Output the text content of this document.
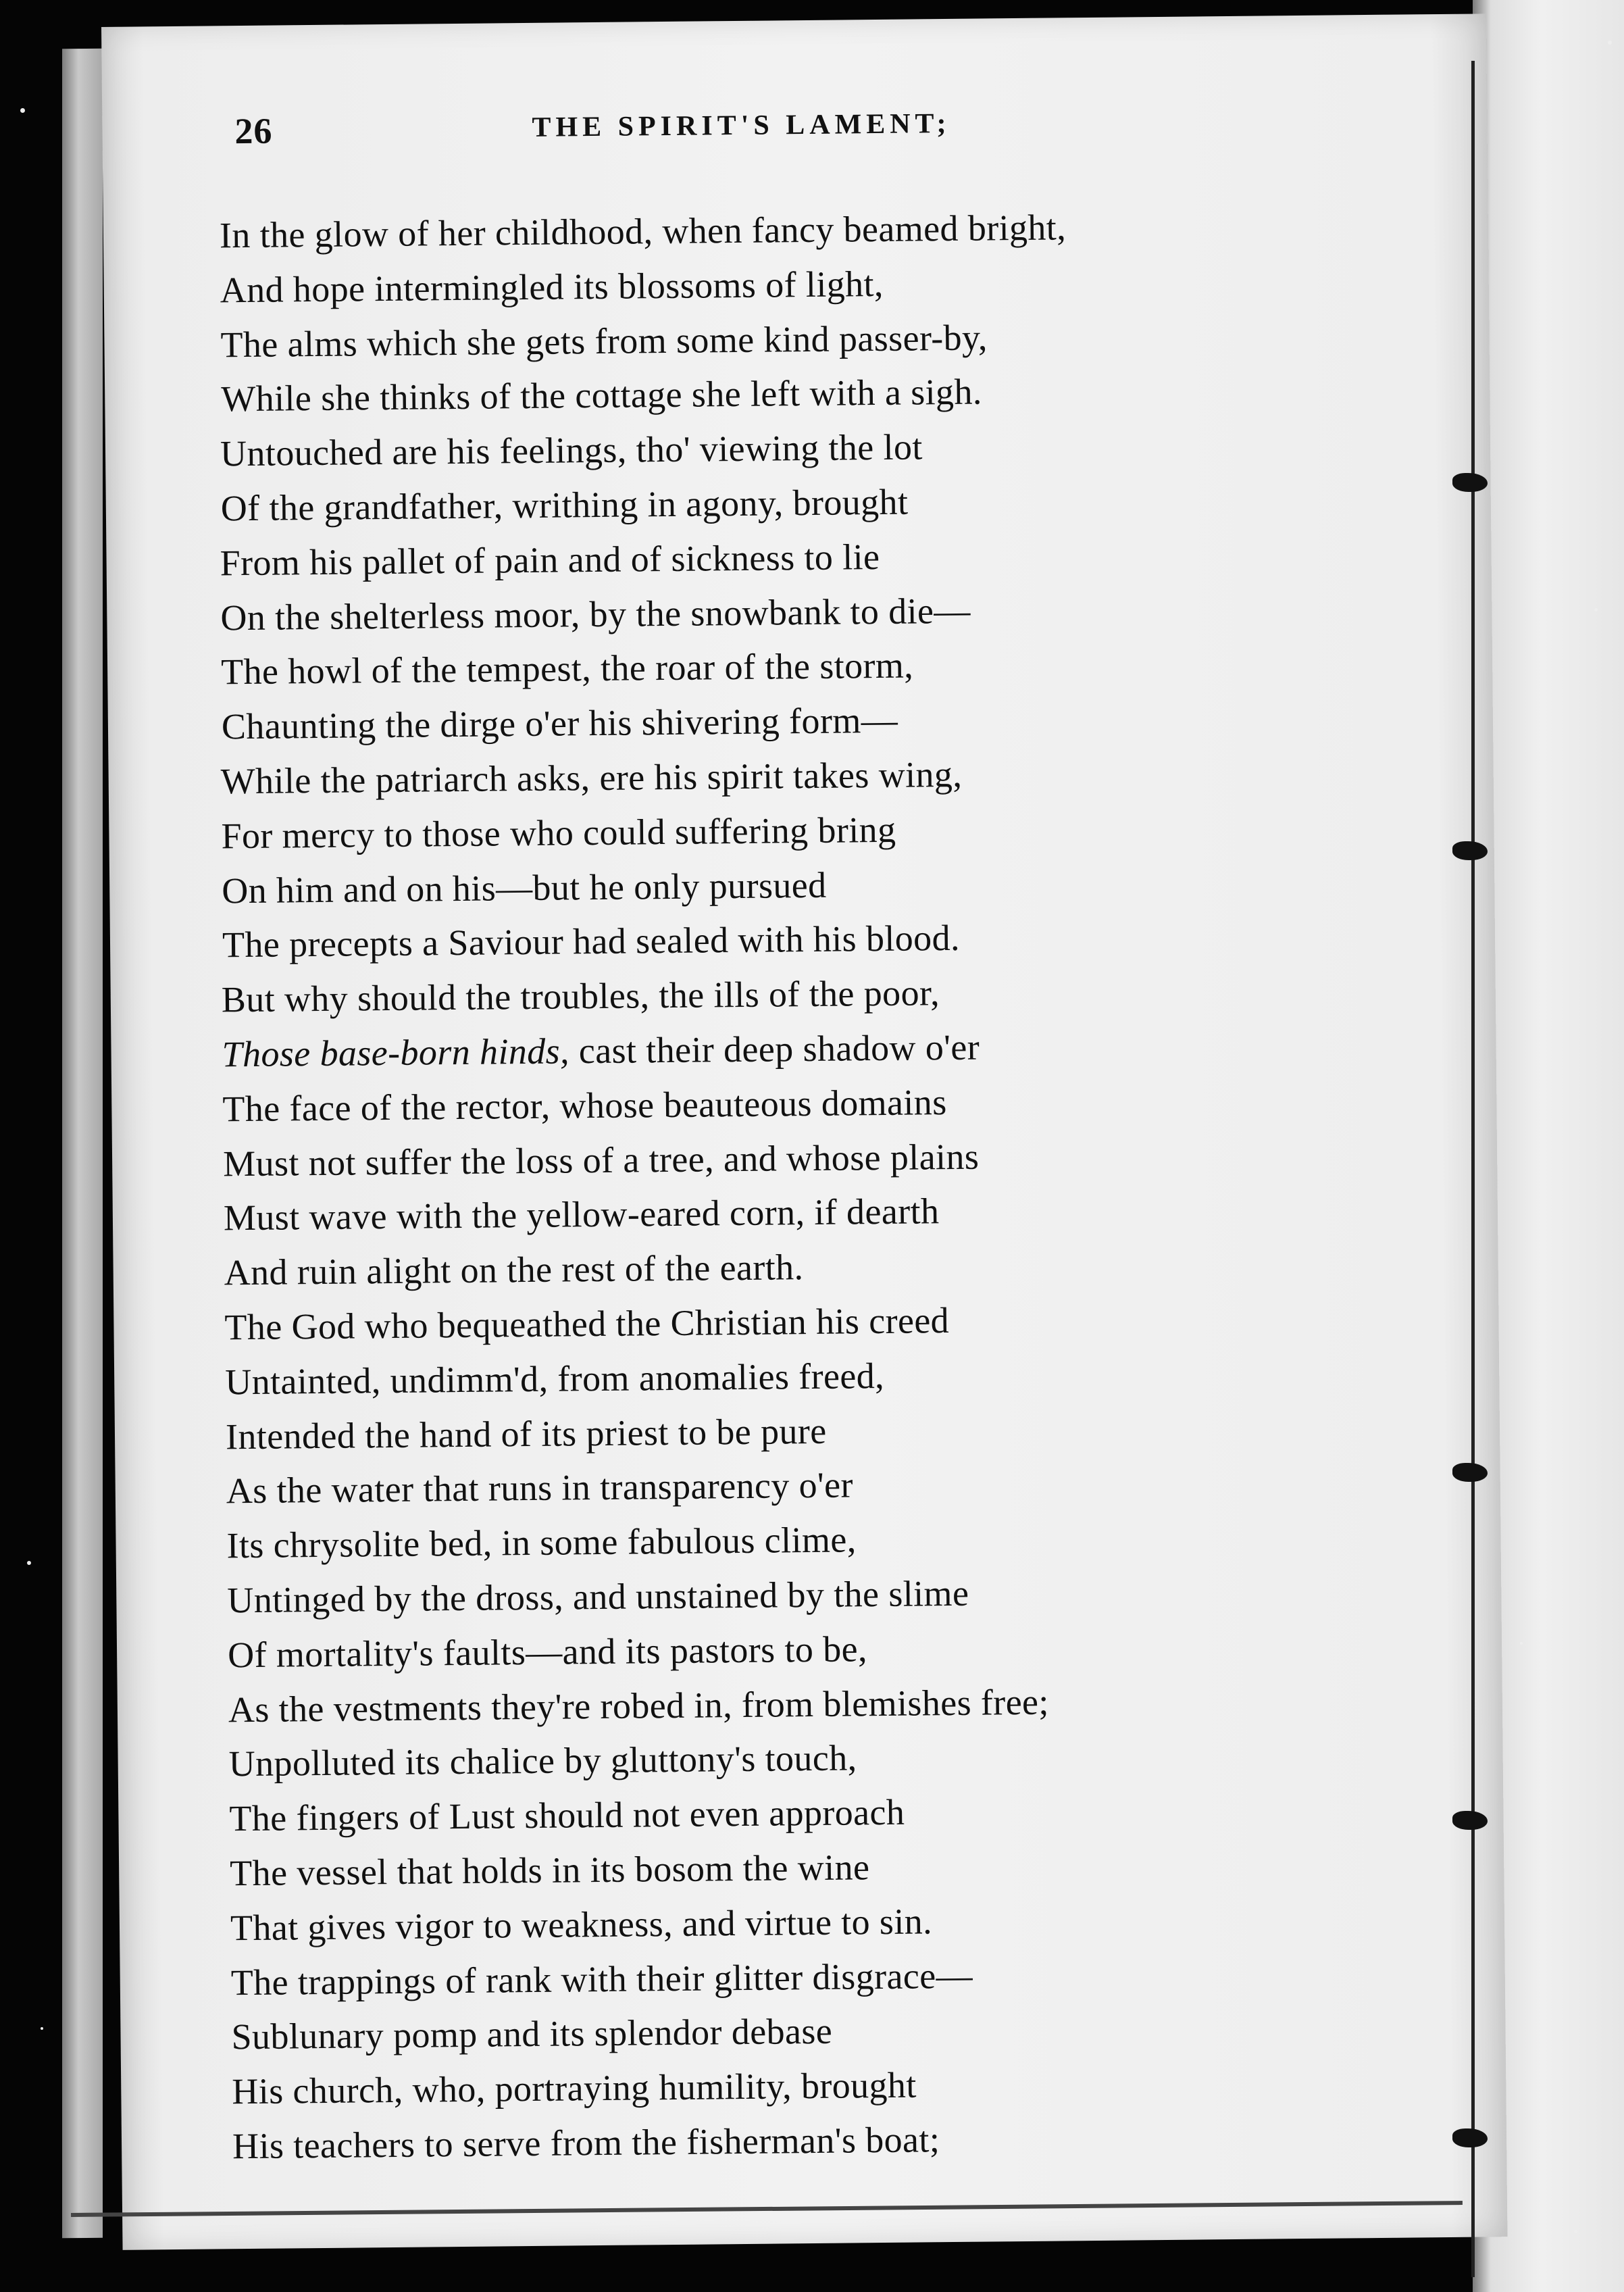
26	THE SPIRIT'S LAMENT;
In the glow of her childhood, when fancy beamed bright,
And hope intermingled its blossoms of light,
The alms which she gets from some kind passer-by,
While she thinks of the cottage she left with a sigh.
Untouched are his feelings, tho' viewing the lot
Of the grandfather, writhing in agony, brought
From his pallet of pain and of sickness to lie
On the shelterless moor, by the snowbank to die—
The howl of the tempest, the roar of the storm,
Chaunting the dirge o'er his shivering form—
While the patriarch asks, ere his spirit takes wing,
For mercy to those who could suffering bring
On him and on his—but he only pursued
The precepts a Saviour had sealed with his blood.
But why should the troubles, the ills of the poor,
Those base-born hinds, cast their deep shadow o'er
The face of the rector, whose beauteous domains
Must not suffer the loss of a tree, and whose plains
Must wave with the yellow-eared corn, if dearth
And ruin alight on the rest of the earth.
The God who bequeathed the Christian his creed
Untainted, undimm'd, from anomalies freed,
Intended the hand of its priest to be pure
As the water that runs in transparency o'er
Its chrysolite bed, in some fabulous clime,
Untinged by the dross, and unstained by the slime
Of mortality's faults—and its pastors to be,
As the vestments they're robed in, from blemishes free;
Unpolluted its chalice by gluttony's touch,
The fingers of Lust should not even approach
The vessel that holds in its bosom the wine
That gives vigor to weakness, and virtue to sin.
The trappings of rank with their glitter disgrace—
Sublunary pomp and its splendor debase
His church, who, portraying humility, brought
His teachers to serve from the fisherman's boat;
